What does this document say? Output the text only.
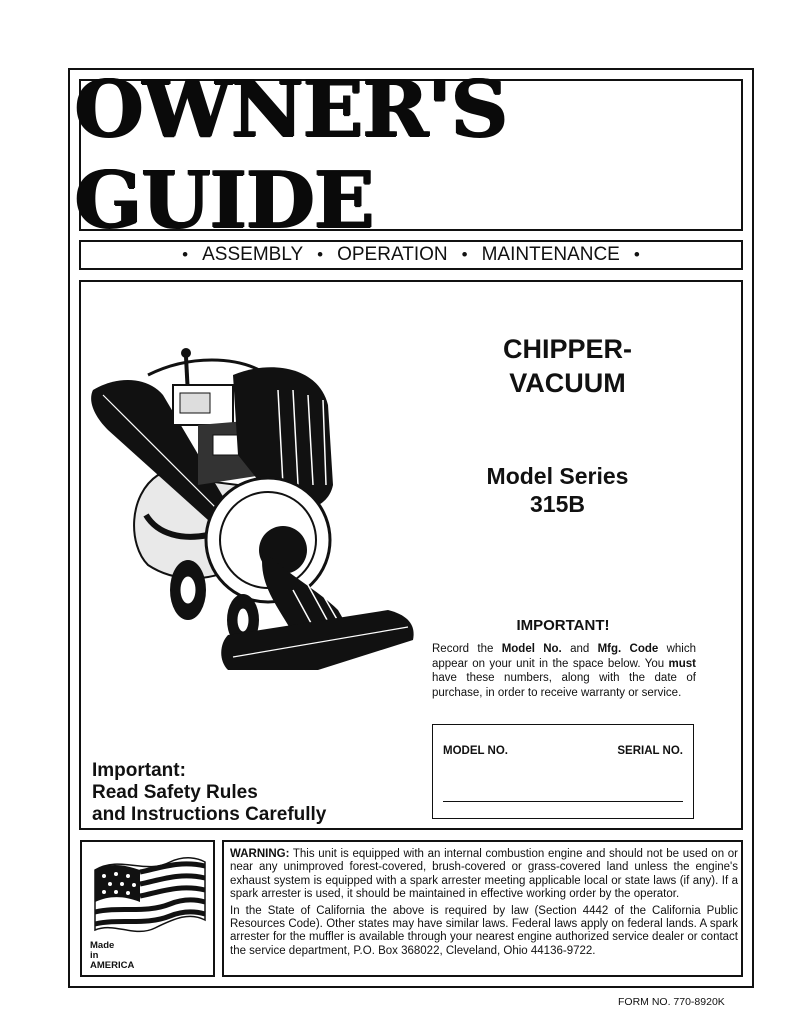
OWNER'S GUIDE
• ASSEMBLY • OPERATION • MAINTENANCE •
CHIPPER-
VACUUM
Model Series
315B
IMPORTANT!
Record the Model No. and Mfg. Code which appear on your unit in the space below. You must have these numbers, along with the date of purchase, in order to receive warranty or service.
MODEL NO.	SERIAL NO.
Important:
Read Safety Rules
and Instructions Carefully
Made
in
AMERICA
WARNING: This unit is equipped with an internal combustion engine and should not be used on or near any unimproved forest-covered, brush-covered or grass-covered land unless the engine's exhaust system is equipped with a spark arrester meeting applicable local or state laws (if any). If a spark arrester is used, it should be maintained in effective working order by the operator.
In the State of California the above is required by law (Section 4442 of the California Public Resources Code). Other states may have similar laws. Federal laws apply on federal lands. A spark arrester for the muffler is available through your nearest engine authorized service dealer or contact the service department, P.O. Box 368022, Cleveland, Ohio 44136-9722.
FORM NO. 770-8920K
